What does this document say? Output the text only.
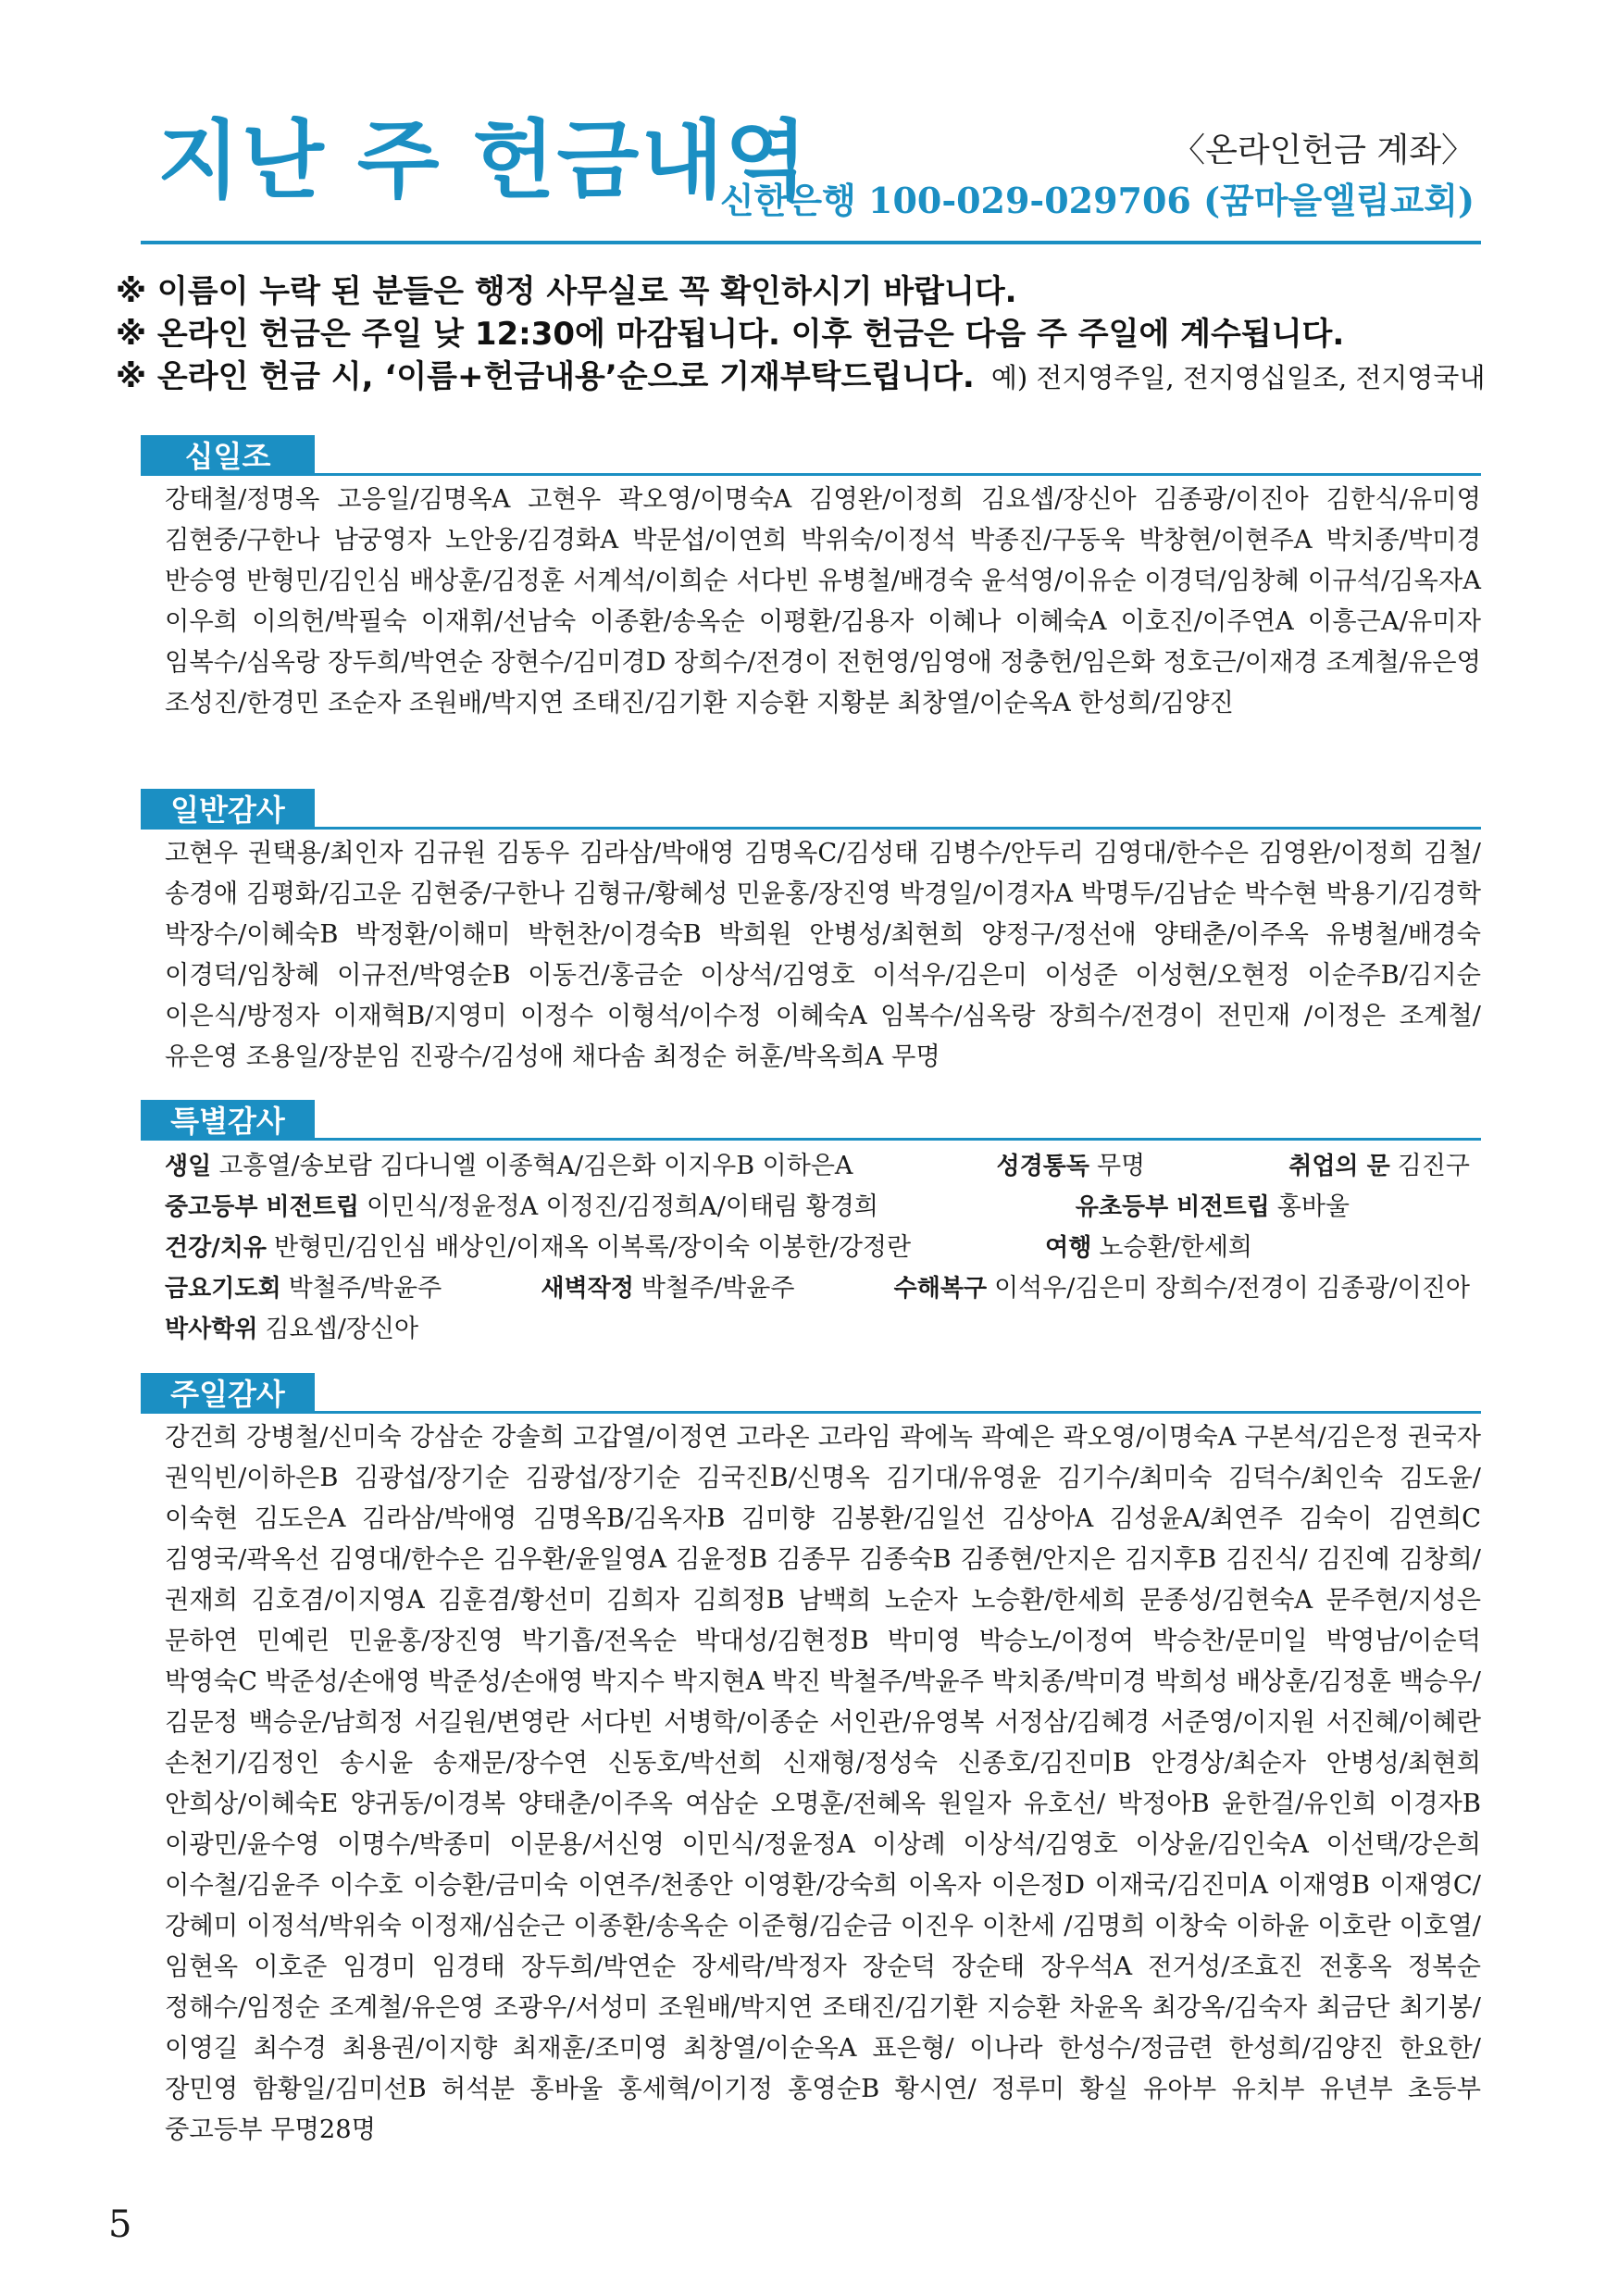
지난 주 헌금내역	〈온라인헌금 계좌〉
신한은행 100-029-029706 (꿈마을엘림교회)
※ 이름이 누락 된 분들은 행정 사무실로 꼭 확인하시기 바랍니다.
※ 온라인 헌금은 주일 낮 12:30에 마감됩니다. 이후 헌금은 다음 주 주일에 계수됩니다.
※ 온라인 헌금 시, ‘이름+헌금내용’순으로 기재부탁드립니다. 예) 전지영주일, 전지영십일조, 전지영국내
십일조
강태철/정명옥 고응일/김명옥A 고현우 곽오영/이명숙A 김영완/이정희 김요셉/장신아 김종광/이진아 김한식/유미영 김현중/구한나 남궁영자 노안웅/김경화A 박문섭/이연희 박위숙/이정석 박종진/구동욱 박창현/이현주A 박치종/박미경 반승영 반형민/김인심 배상훈/김정훈 서계석/이희순 서다빈 유병철/배경숙 윤석영/이유순 이경덕/임창혜 이규석/김옥자A 이우희 이의헌/박필숙 이재휘/선남숙 이종환/송옥순 이평환/김용자 이혜나 이혜숙A 이호진/이주연A 이흥근A/유미자 임복수/심옥랑 장두희/박연순 장현수/김미경D 장희수/전경이 전헌영/임영애 정충헌/임은화 정호근/이재경 조계철/유은영 조성진/한경민 조순자 조원배/박지연 조태진/김기환 지승환 지황분 최창열/이순옥A 한성희/김양진
일반감사
고현우 권택용/최인자 김규원 김동우 김라삼/박애영 김명옥C/김성태 김병수/안두리 김영대/한수은 김영완/이정희 김철/송경애 김평화/김고운 김현중/구한나 김형규/황혜성 민윤홍/장진영 박경일/이경자A 박명두/김남순 박수현 박용기/김경학 박장수/이혜숙B 박정환/이해미 박헌찬/이경숙B 박희원 안병성/최현희 양정구/정선애 양태춘/이주옥 유병철/배경숙 이경덕/임창혜 이규전/박영순B 이동건/홍금순 이상석/김영호 이석우/김은미 이성준 이성현/오현정 이순주B/김지순 이은식/방정자 이재혁B/지영미 이정수 이형석/이수정 이혜숙A 임복수/심옥랑 장희수/전경이 전민재 /이정은 조계철/유은영 조용일/장분임 진광수/김성애 채다솜 최정순 허훈/박옥희A 무명
특별감사
생일 고흥열/송보람 김다니엘 이종혁A/김은화 이지우B 이하은A	성경통독 무명	취업의 문 김진구
중고등부 비전트립 이민식/정윤정A 이정진/김정희A/이태림 황경희	유초등부 비전트립 홍바울
건강/치유 반형민/김인심 배상인/이재옥 이복록/장이숙 이봉한/강정란	여행 노승환/한세희
금요기도회 박철주/박윤주	새벽작정 박철주/박윤주	수해복구 이석우/김은미 장희수/전경이 김종광/이진아
박사학위 김요셉/장신아
주일감사
강건희 강병철/신미숙 강삼순 강솔희 고갑열/이정연 고라온 고라임 곽에녹 곽예은 곽오영/이명숙A 구본석/김은정 권국자 권익빈/이하은B 김광섭/장기순 김광섭/장기순 김국진B/신명옥 김기대/유영윤 김기수/최미숙 김덕수/최인숙 김도윤/이숙현 김도은A 김라삼/박애영 김명옥B/김옥자B 김미향 김봉환/김일선 김상아A 김성윤A/최연주 김숙이 김연희C 김영국/곽옥선 김영대/한수은 김우환/윤일영A 김윤정B 김종무 김종숙B 김종현/안지은 김지후B 김진식/ 김진예 김창희/권재희 김호겸/이지영A 김훈겸/황선미 김희자 김희정B 남백희 노순자 노승환/한세희 문종성/김현숙A 문주현/지성은 문하연 민예린 민윤홍/장진영 박기흡/전옥순 박대성/김현정B 박미영 박승노/이정여 박승찬/문미일 박영남/이순덕 박영숙C 박준성/손애영 박준성/손애영 박지수 박지현A 박진 박철주/박윤주 박치종/박미경 박희성 배상훈/김정훈 백승우/김문정 백승운/남희정 서길원/변영란 서다빈 서병학/이종순 서인관/유영복 서정삼/김혜경 서준영/이지원 서진혜/이혜란 손천기/김정인 송시윤 송재문/장수연 신동호/박선희 신재형/정성숙 신종호/김진미B 안경상/최순자 안병성/최현희 안희상/이혜숙E 양귀동/이경복 양태춘/이주옥 여삼순 오명훈/전혜옥 원일자 유호선/ 박정아B 윤한걸/유인희 이경자B 이광민/윤수영 이명수/박종미 이문용/서신영 이민식/정윤정A 이상례 이상석/김영호 이상윤/김인숙A 이선택/강은희 이수철/김윤주 이수호 이승환/금미숙 이연주/천종안 이영환/강숙희 이옥자 이은정D 이재국/김진미A 이재영B 이재영C/강혜미 이정석/박위숙 이정재/심순근 이종환/송옥순 이준형/김순금 이진우 이찬세 /김명희 이창숙 이하윤 이호란 이호열/임현옥 이호준 임경미 임경태 장두희/박연순 장세락/박정자 장순덕 장순태 장우석A 전거성/조효진 전홍옥 정복순 정해수/임정순 조계철/유은영 조광우/서성미 조원배/박지연 조태진/김기환 지승환 차윤옥 최강옥/김숙자 최금단 최기봉/이영길 최수경 최용권/이지향 최재훈/조미영 최창열/이순옥A 표은형/ 이나라 한성수/정금련 한성희/김양진 한요한/장민영 함황일/김미선B 허석분 홍바울 홍세혁/이기정 홍영순B 황시연/ 정루미 황실 유아부 유치부 유년부 초등부 중고등부 무명28명
5
